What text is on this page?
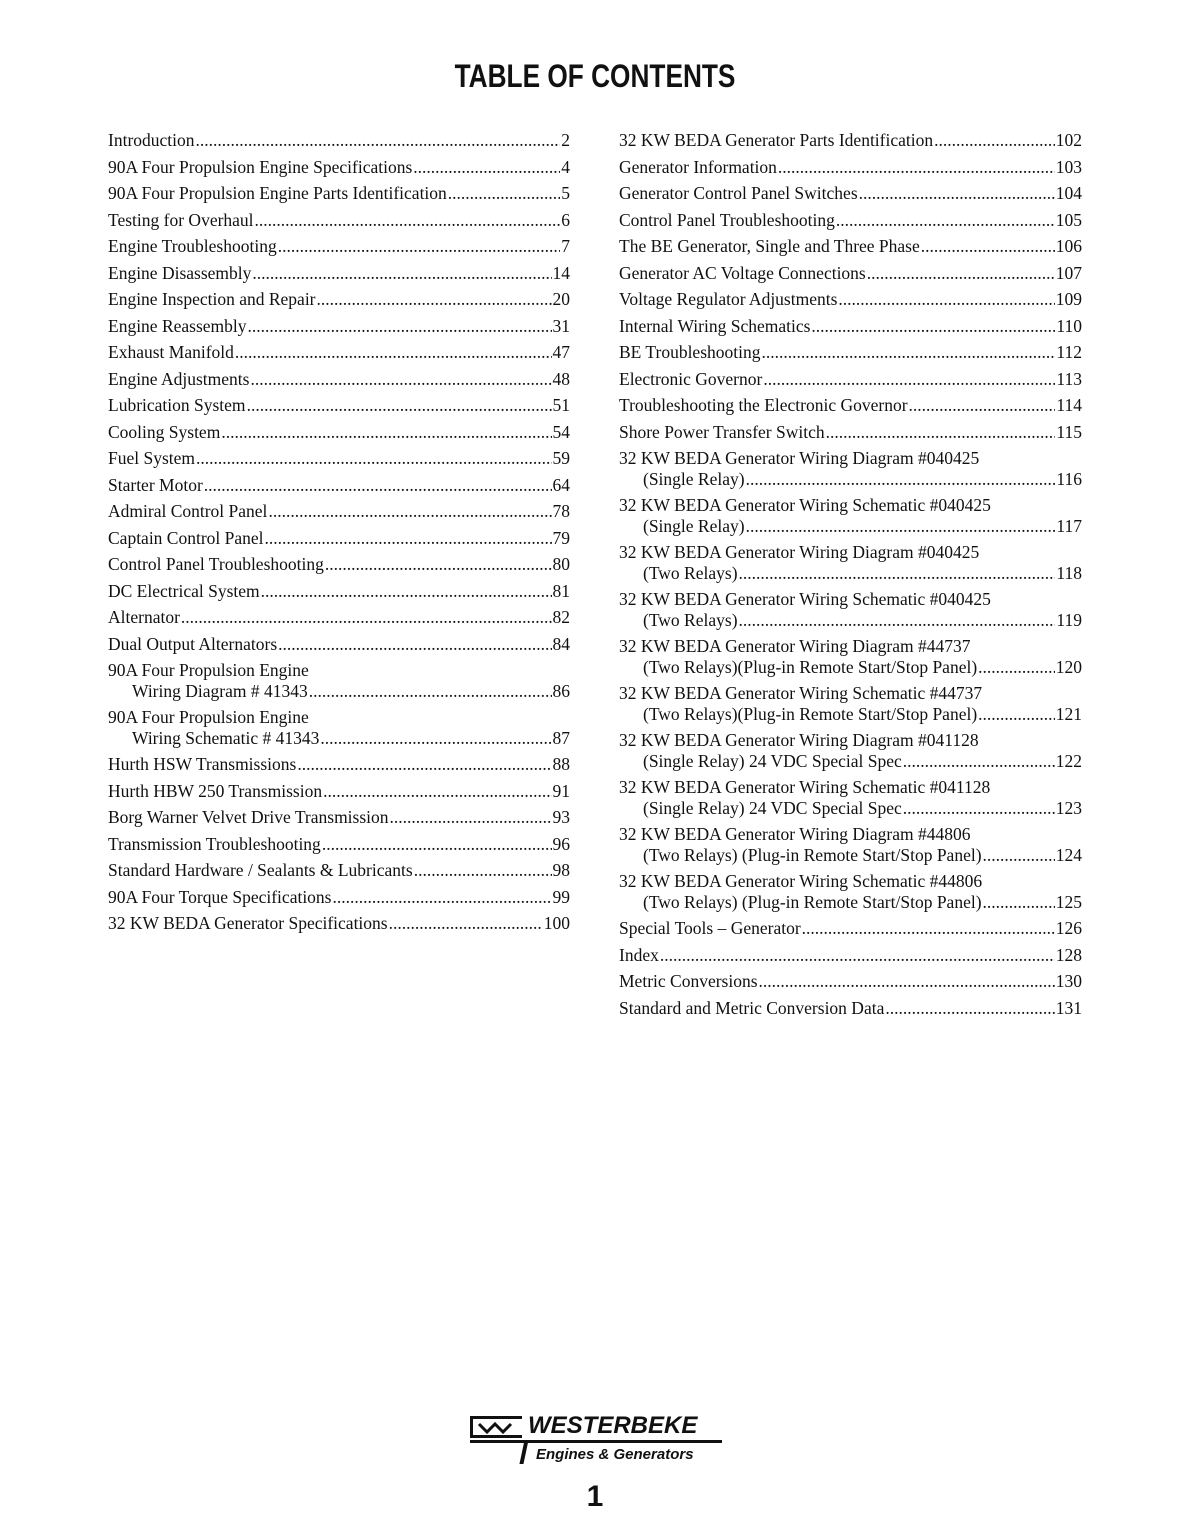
TABLE OF CONTENTS
Introduction .....	2
90A Four Propulsion Engine Specifications .....	4
90A Four Propulsion Engine Parts Identification .....	5
Testing for Overhaul .....	6
Engine Troubleshooting .....	7
Engine Disassembly .....	14
Engine Inspection and Repair .....	20
Engine Reassembly .....	31
Exhaust Manifold .....	47
Engine Adjustments .....	48
Lubrication System .....	51
Cooling System .....	54
Fuel System .....	59
Starter Motor .....	64
Admiral Control Panel .....	78
Captain Control Panel .....	79
Control Panel Troubleshooting .....	80
DC Electrical System .....	81
Alternator .....	82
Dual Output Alternators .....	84
90A Four Propulsion Engine
Wiring Diagram # 41343 .....	86
90A Four Propulsion Engine
Wiring Schematic # 41343 .....	87
Hurth HSW Transmissions .....	88
Hurth HBW 250 Transmission .....	91
Borg Warner Velvet Drive Transmission .....	93
Transmission Troubleshooting .....	96
Standard Hardware / Sealants & Lubricants .....	98
90A Four Torque Specifications .....	99
32 KW BEDA Generator Specifications .....	100
32 KW BEDA Generator Parts Identification .....	102
Generator Information .....	103
Generator Control Panel Switches .....	104
Control Panel Troubleshooting .....	105
The BE Generator, Single and Three Phase .....	106
Generator AC Voltage Connections .....	107
Voltage Regulator Adjustments .....	109
Internal Wiring Schematics .....	110
BE Troubleshooting .....	112
Electronic Governor .....	113
Troubleshooting the Electronic Governor .....	114
Shore Power Transfer Switch .....	115
32 KW BEDA Generator Wiring Diagram #040425
(Single Relay) .....	116
32 KW BEDA Generator Wiring Schematic #040425
(Single Relay) .....	117
32 KW BEDA Generator Wiring Diagram #040425
(Two Relays) .....	118
32 KW BEDA Generator Wiring Schematic #040425
(Two Relays) .....	119
32 KW BEDA Generator Wiring Diagram #44737
(Two Relays)(Plug-in Remote Start/Stop Panel) .....	120
32 KW BEDA Generator Wiring Schematic #44737
(Two Relays)(Plug-in Remote Start/Stop Panel) .....	121
32 KW BEDA Generator Wiring Diagram #041128
(Single Relay) 24 VDC Special Spec .....	122
32 KW BEDA Generator Wiring Schematic #041128
(Single Relay) 24 VDC Special Spec .....	123
32 KW BEDA Generator Wiring Diagram #44806
(Two Relays) (Plug-in Remote Start/Stop Panel) .....	124
32 KW BEDA Generator Wiring Schematic #44806
(Two Relays) (Plug-in Remote Start/Stop Panel) .....	125
Special Tools – Generator .....	126
Index .....	128
Metric Conversions .....	130
Standard and Metric Conversion Data .....	131
WESTERBEKE
Engines & Generators
1
